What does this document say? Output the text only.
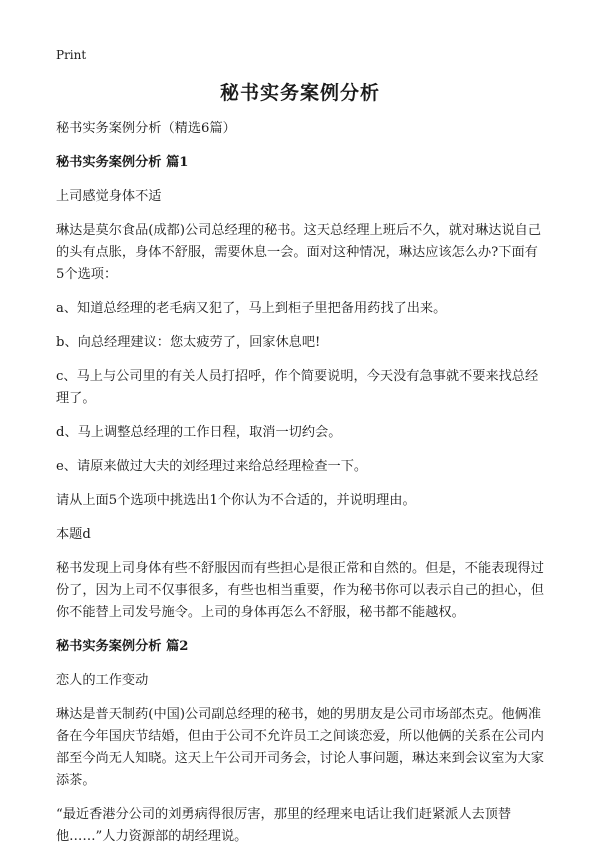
Print
秘书实务案例分析

秘书实务案例分析（精选6篇）

秘书实务案例分析 篇1

上司感觉身体不适

琳达是莫尔食品(成都)公司总经理的秘书。这天总经理上班后不久，就对琳达说自己的头有点胀，身体不舒服，需要休息一会。面对这种情况，琳达应该怎么办?下面有5个选项：

a、知道总经理的老毛病又犯了，马上到柜子里把备用药找了出来。

b、向总经理建议：您太疲劳了，回家休息吧!

c、马上与公司里的有关人员打招呼，作个简要说明，今天没有急事就不要来找总经理了。

d、马上调整总经理的工作日程，取消一切约会。

e、请原来做过大夫的刘经理过来给总经理检查一下。

请从上面5个选项中挑选出1个你认为不合适的，并说明理由。

本题d

秘书发现上司身体有些不舒服因而有些担心是很正常和自然的。但是，不能表现得过份了，因为上司不仅事很多，有些也相当重要，作为秘书你可以表示自己的担心，但你不能替上司发号施令。上司的身体再怎么不舒服，秘书都不能越权。

秘书实务案例分析 篇2

恋人的工作变动

琳达是普天制药(中国)公司副总经理的秘书，她的男朋友是公司市场部杰克。他俩准备在今年国庆节结婚，但由于公司不允许员工之间谈恋爱，所以他俩的关系在公司内部至今尚无人知晓。这天上午公司开司务会，讨论人事问题，琳达来到会议室为大家添茶。

“最近香港分公司的刘勇病得很厉害，那里的经理来电话让我们赶紧派人去顶替他……”人力资源部的胡经理说。
